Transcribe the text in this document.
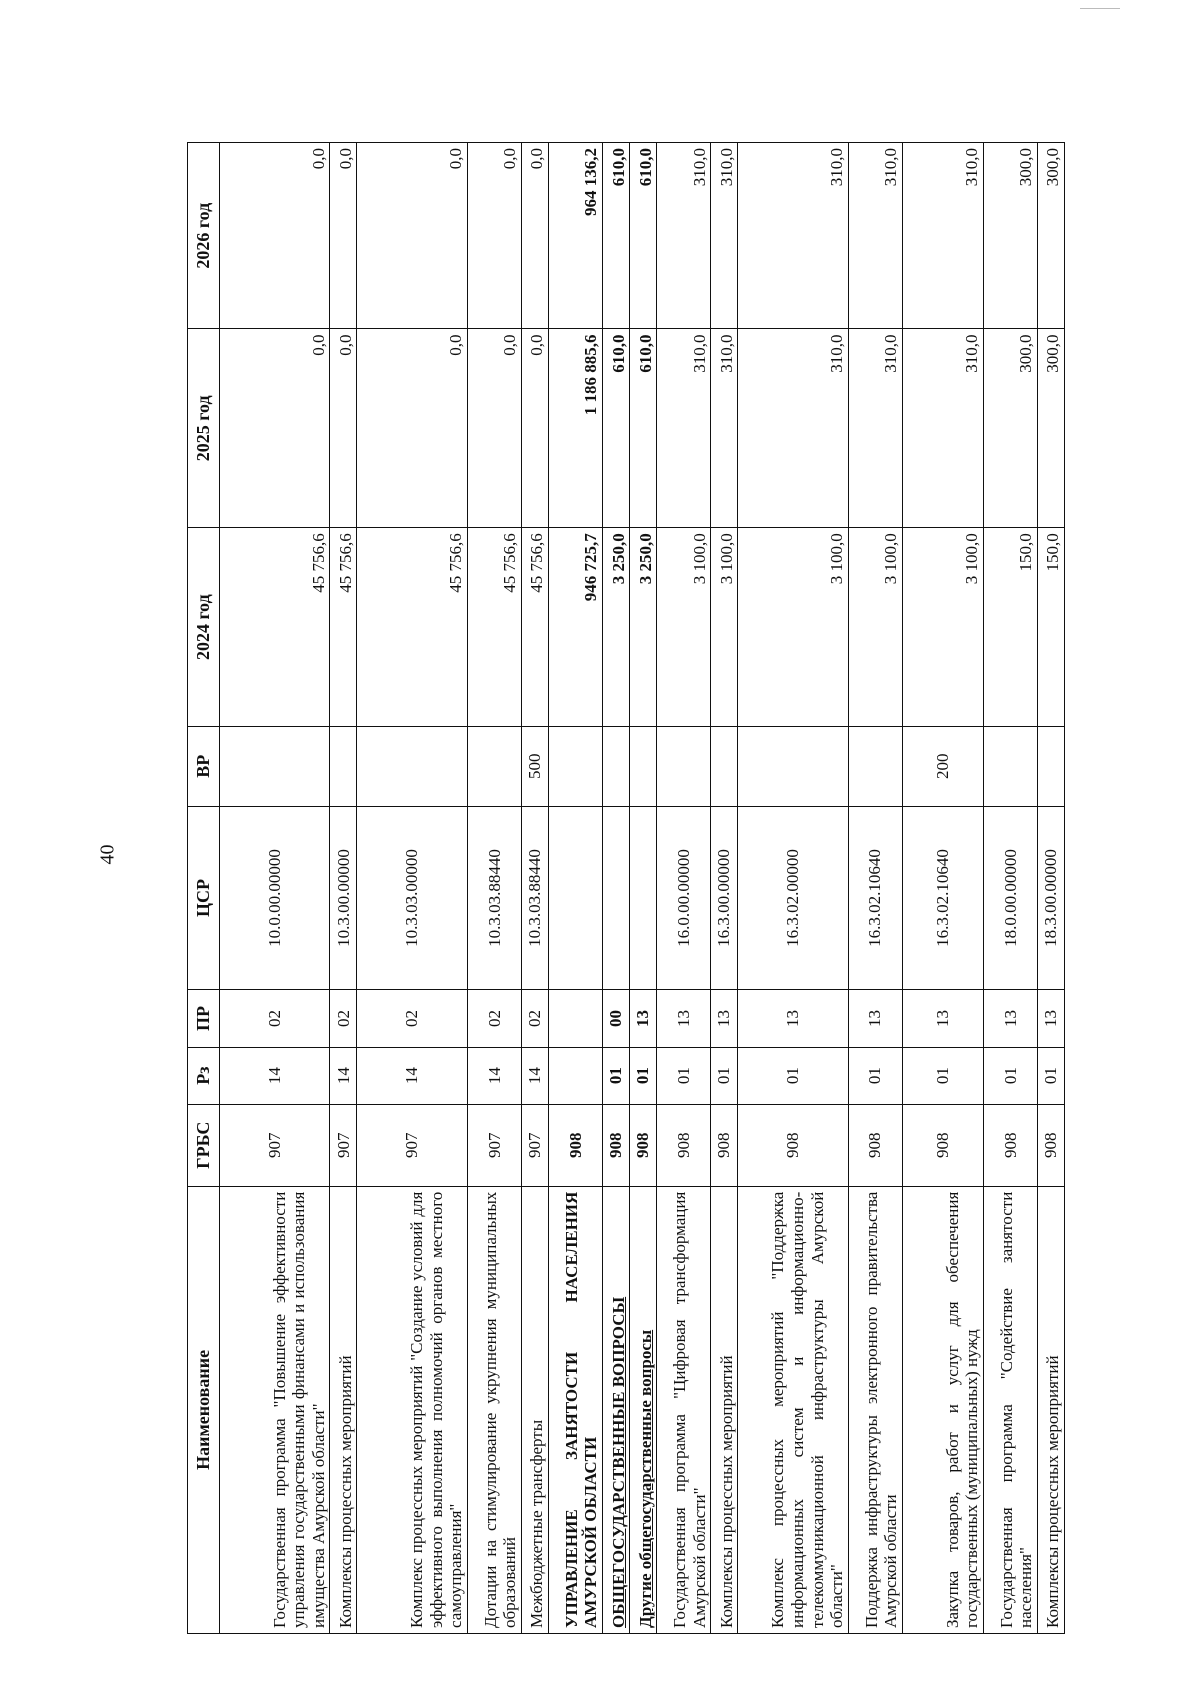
40
Наименование	ГРБС	Рз	ПР	ЦСР	ВР	2024 год	2025 год	2026 год
Государственная программа "Повышение эффективности управления государственными финансами и использования имущества Амурской области"	907	14	02	10.0.00.00000		45 756,6	0,0	0,0
Комплексы процессных мероприятий	907	14	02	10.3.00.00000		45 756,6	0,0	0,0
Комплекс процессных мероприятий "Создание условий для эффективного выполнения полномочий органов местного самоуправления"	907	14	02	10.3.03.00000		45 756,6	0,0	0,0
Дотации на стимулирование укрупнения муниципальных образований	907	14	02	10.3.03.88440		45 756,6	0,0	0,0
Межбюджетные трансферты	907	14	02	10.3.03.88440	500	45 756,6	0,0	0,0
УПРАВЛЕНИЕ ЗАНЯТОСТИ НАСЕЛЕНИЯ АМУРСКОЙ ОБЛАСТИ	908					946 725,7	1 186 885,6	964 136,2
ОБЩЕГОСУДАРСТВЕННЫЕ ВОПРОСЫ	908	01	00			3 250,0	610,0	610,0
Другие общегосударственные вопросы	908	01	13			3 250,0	610,0	610,0
Государственная программа "Цифровая трансформация Амурской области"	908	01	13	16.0.00.00000		3 100,0	310,0	310,0
Комплексы процессных мероприятий	908	01	13	16.3.00.00000		3 100,0	310,0	310,0
Комплекс процессных мероприятий "Поддержка информационных систем и информационно-телекоммуникационной инфраструктуры Амурской области"	908	01	13	16.3.02.00000		3 100,0	310,0	310,0
Поддержка инфраструктуры электронного правительства Амурской области	908	01	13	16.3.02.10640		3 100,0	310,0	310,0
Закупка товаров, работ и услуг для обеспечения государственных (муниципальных) нужд	908	01	13	16.3.02.10640	200	3 100,0	310,0	310,0
Государственная программа "Содействие занятости населения"	908	01	13	18.0.00.00000		150,0	300,0	300,0
Комплексы процессных мероприятий	908	01	13	18.3.00.00000		150,0	300,0	300,0
